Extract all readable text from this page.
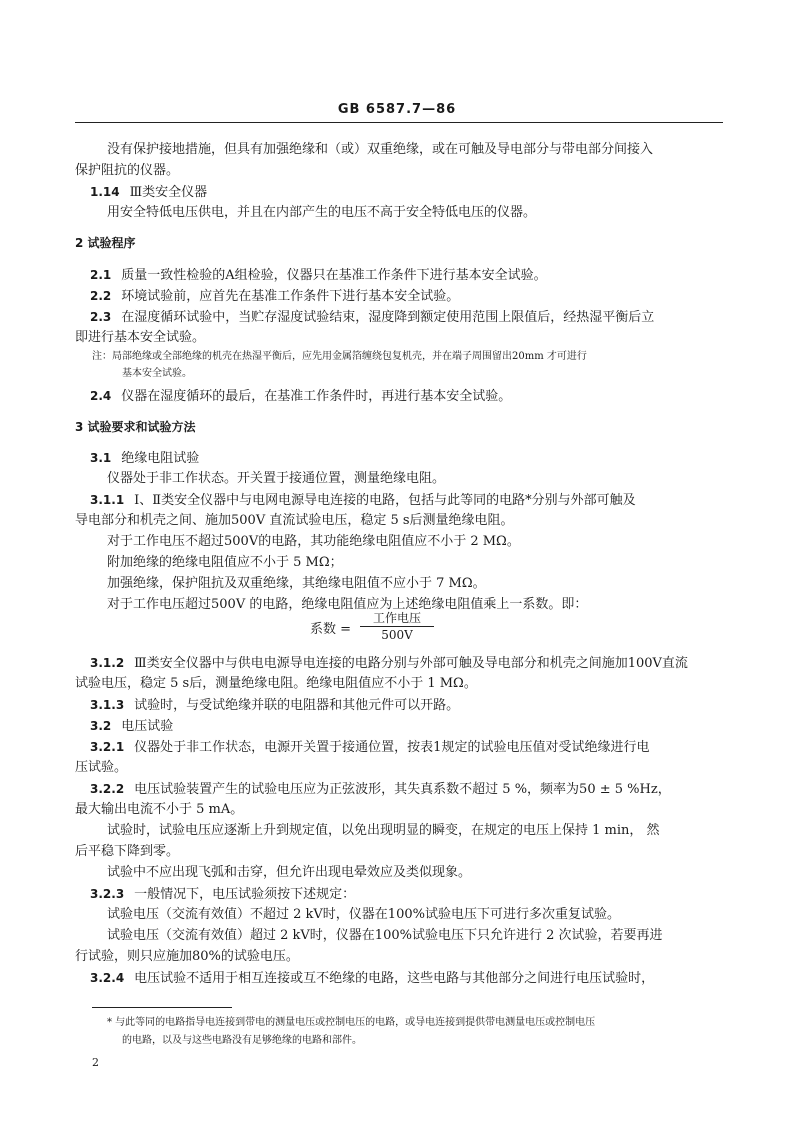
GB 6587.7—86
没有保护接地措施，但具有加强绝缘和（或）双重绝缘，或在可触及导电部分与带电部分间接入
保护阻抗的仪器。
1.14 Ⅲ类安全仪器
用安全特低电压供电，并且在内部产生的电压不高于安全特低电压的仪器。
2 试验程序
2.1 质量一致性检验的A组检验，仪器只在基准工作条件下进行基本安全试验。
2.2 环境试验前，应首先在基准工作条件下进行基本安全试验。
2.3 在湿度循环试验中，当贮存湿度试验结束，湿度降到额定使用范围上限值后，经热湿平衡后立
即进行基本安全试验。
注：局部绝缘或全部绝缘的机壳在热湿平衡后，应先用金属箔缠绕包复机壳，并在端子周围留出20mm 才可进行
基本安全试验。
2.4 仪器在湿度循环的最后，在基准工作条件时，再进行基本安全试验。
3 试验要求和试验方法
3.1 绝缘电阻试验
仪器处于非工作状态。开关置于接通位置，测量绝缘电阻。
3.1.1 Ⅰ、Ⅱ类安全仪器中与电网电源导电连接的电路，包括与此等同的电路*分别与外部可触及
导电部分和机壳之间、施加500V 直流试验电压，稳定 5 s后测量绝缘电阻。
对于工作电压不超过500V的电路，其功能绝缘电阻值应不小于 2 MΩ。
附加绝缘的绝缘电阻值应不小于 5 MΩ；
加强绝缘，保护阻抗及双重绝缘，其绝缘电阻值不应小于 7 MΩ。
对于工作电压超过500V 的电路，绝缘电阻值应为上述绝缘电阻值乘上一系数。即：
系数 =
工作电压
500V
3.1.2 Ⅲ类安全仪器中与供电电源导电连接的电路分别与外部可触及导电部分和机壳之间施加100V直流
试验电压，稳定 5 s后，测量绝缘电阻。绝缘电阻值应不小于 1 MΩ。
3.1.3 试验时，与受试绝缘并联的电阻器和其他元件可以开路。
3.2 电压试验
3.2.1 仪器处于非工作状态，电源开关置于接通位置，按表1规定的试验电压值对受试绝缘进行电
压试验。
3.2.2 电压试验装置产生的试验电压应为正弦波形，其失真系数不超过 5 %，频率为50 ± 5 %Hz，
最大输出电流不小于 5 mA。
试验时，试验电压应逐渐上升到规定值，以免出现明显的瞬变，在规定的电压上保持 1 min， 然
后平稳下降到零。
试验中不应出现飞弧和击穿，但允许出现电晕效应及类似现象。
3.2.3 一般情况下，电压试验须按下述规定：
试验电压（交流有效值）不超过 2 kV时，仪器在100%试验电压下可进行多次重复试验。
试验电压（交流有效值）超过 2 kV时，仪器在100%试验电压下只允许进行 2 次试验，若要再进
行试验，则只应施加80%的试验电压。
3.2.4 电压试验不适用于相互连接或互不绝缘的电路，这些电路与其他部分之间进行电压试验时，
* 与此等同的电路指导电连接到带电的测量电压或控制电压的电路，或导电连接到提供带电测量电压或控制电压
的电路，以及与这些电路没有足够绝缘的电路和部件。
2
